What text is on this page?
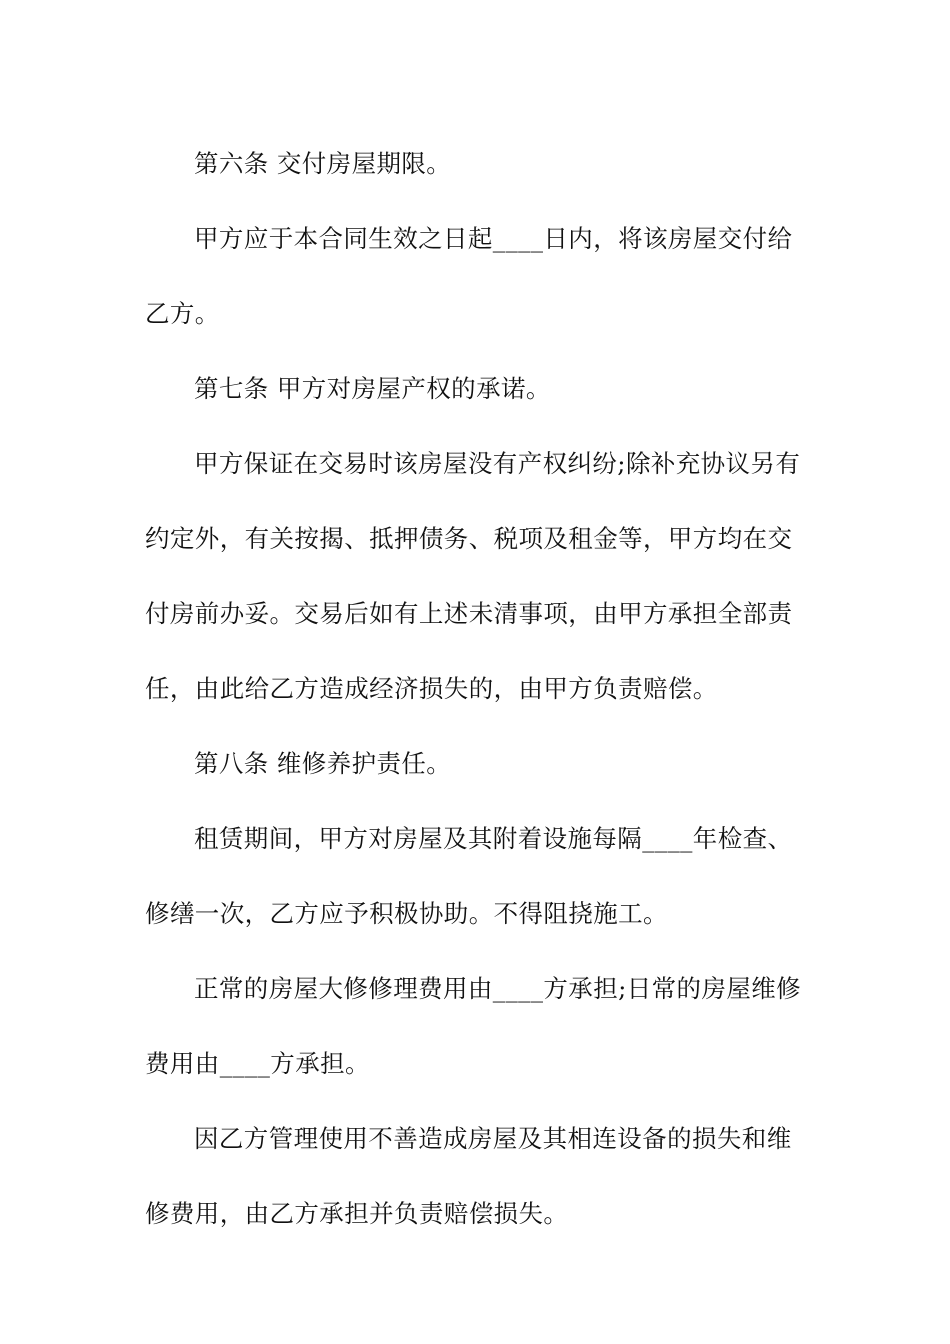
第六条 交付房屋期限。

甲方应于本合同生效之日起____日内，将该房屋交付给乙方。

第七条 甲方对房屋产权的承诺。

甲方保证在交易时该房屋没有产权纠纷;除补充协议另有约定外，有关按揭、抵押债务、税项及租金等，甲方均在交付房前办妥。交易后如有上述未清事项，由甲方承担全部责任，由此给乙方造成经济损失的，由甲方负责赔偿。

第八条 维修养护责任。

租赁期间，甲方对房屋及其附着设施每隔____年检查、修缮一次，乙方应予积极协助。不得阻挠施工。

正常的房屋大修修理费用由____方承担;日常的房屋维修费用由____方承担。

因乙方管理使用不善造成房屋及其相连设备的损失和维修费用，由乙方承担并负责赔偿损失。
